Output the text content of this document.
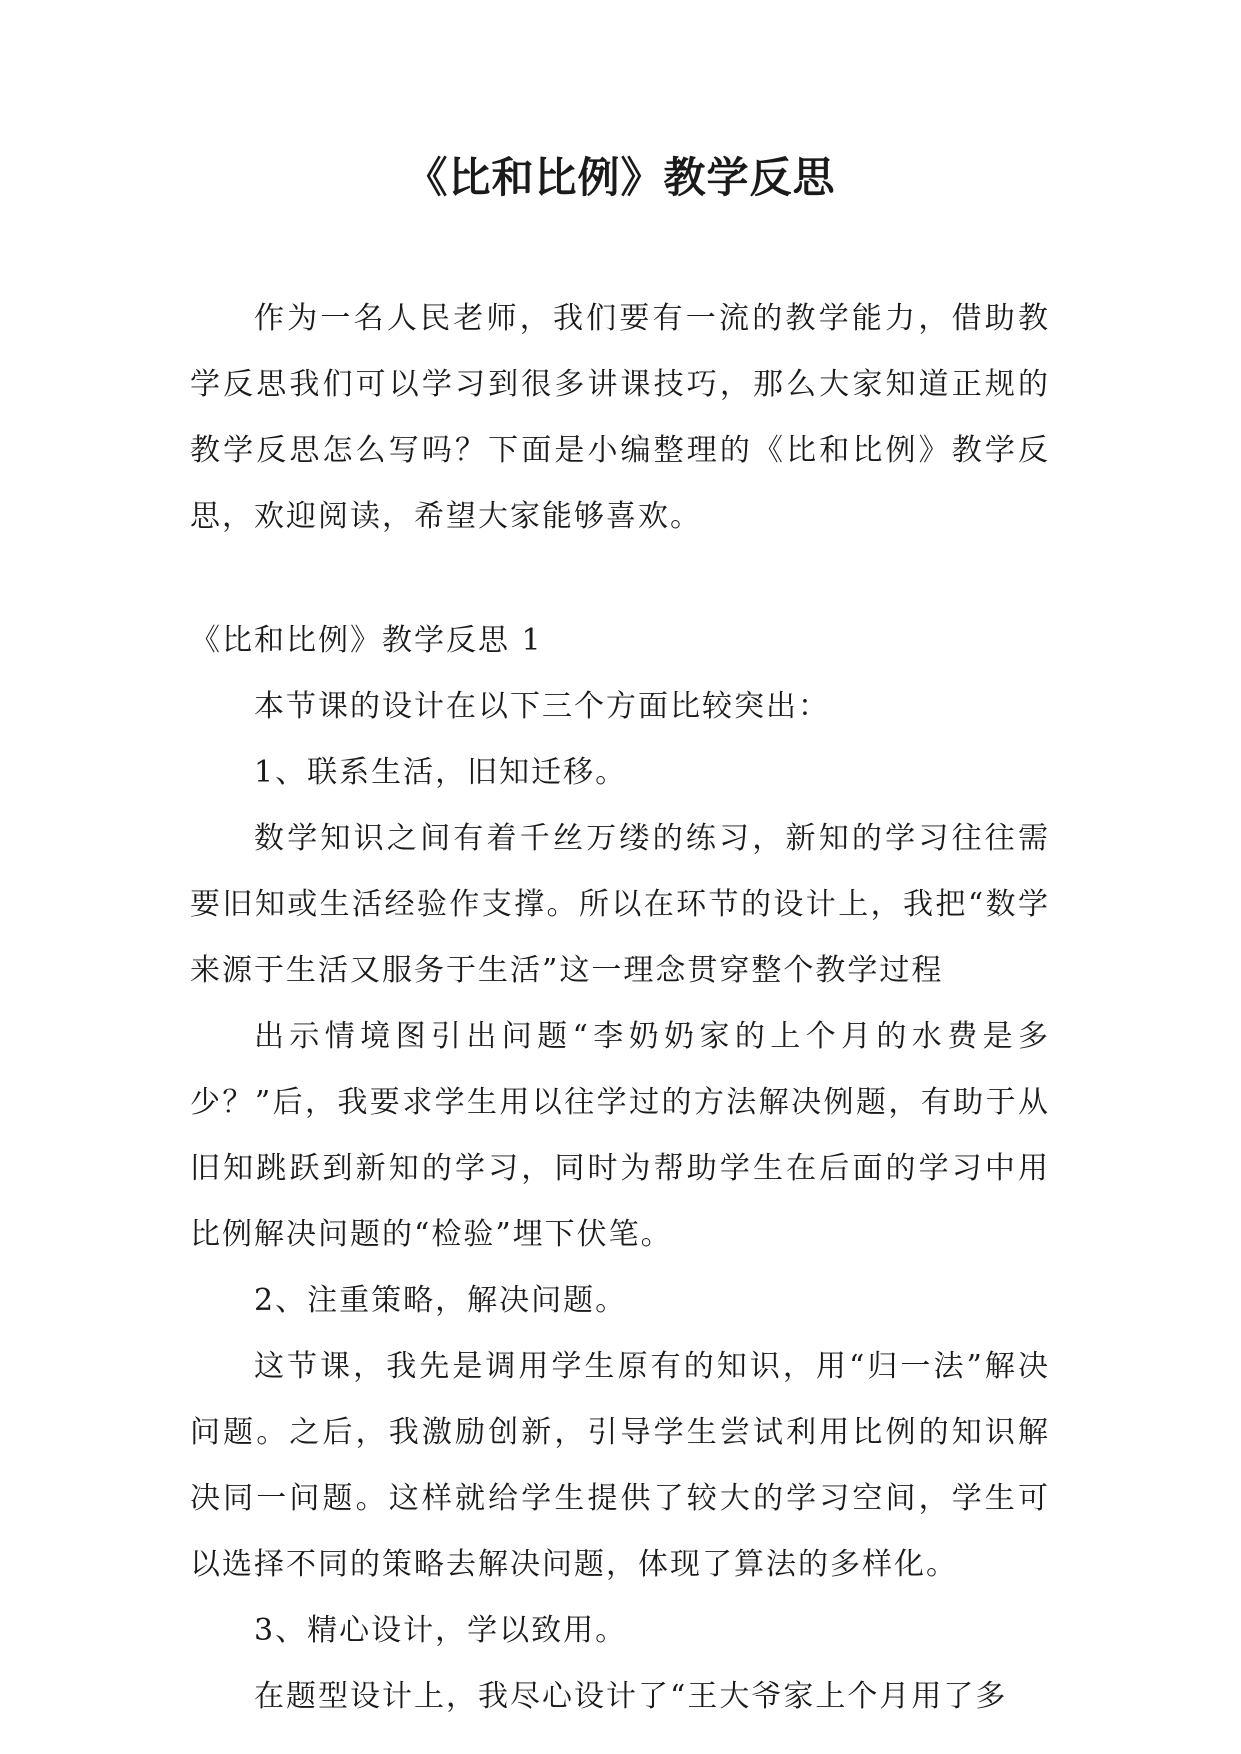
《比和比例》教学反思

作为一名人民老师，我们要有一流的教学能力，借助教学反思我们可以学习到很多讲课技巧，那么大家知道正规的教学反思怎么写吗？下面是小编整理的《比和比例》教学反思，欢迎阅读，希望大家能够喜欢。

《比和比例》教学反思 1

本节课的设计在以下三个方面比较突出：

1、联系生活，旧知迁移。

数学知识之间有着千丝万缕的练习，新知的学习往往需要旧知或生活经验作支撑。所以在环节的设计上，我把“数学来源于生活又服务于生活”这一理念贯穿整个教学过程

出示情境图引出问题“李奶奶家的上个月的水费是多少？”后，我要求学生用以往学过的方法解决例题，有助于从旧知跳跃到新知的学习，同时为帮助学生在后面的学习中用比例解决问题的“检验”埋下伏笔。

2、注重策略，解决问题。

这节课，我先是调用学生原有的知识，用“归一法”解决问题。之后，我激励创新，引导学生尝试利用比例的知识解决同一问题。这样就给学生提供了较大的学习空间，学生可以选择不同的策略去解决问题，体现了算法的多样化。

3、精心设计，学以致用。

在题型设计上，我尽心设计了“王大爷家上个月用了多
